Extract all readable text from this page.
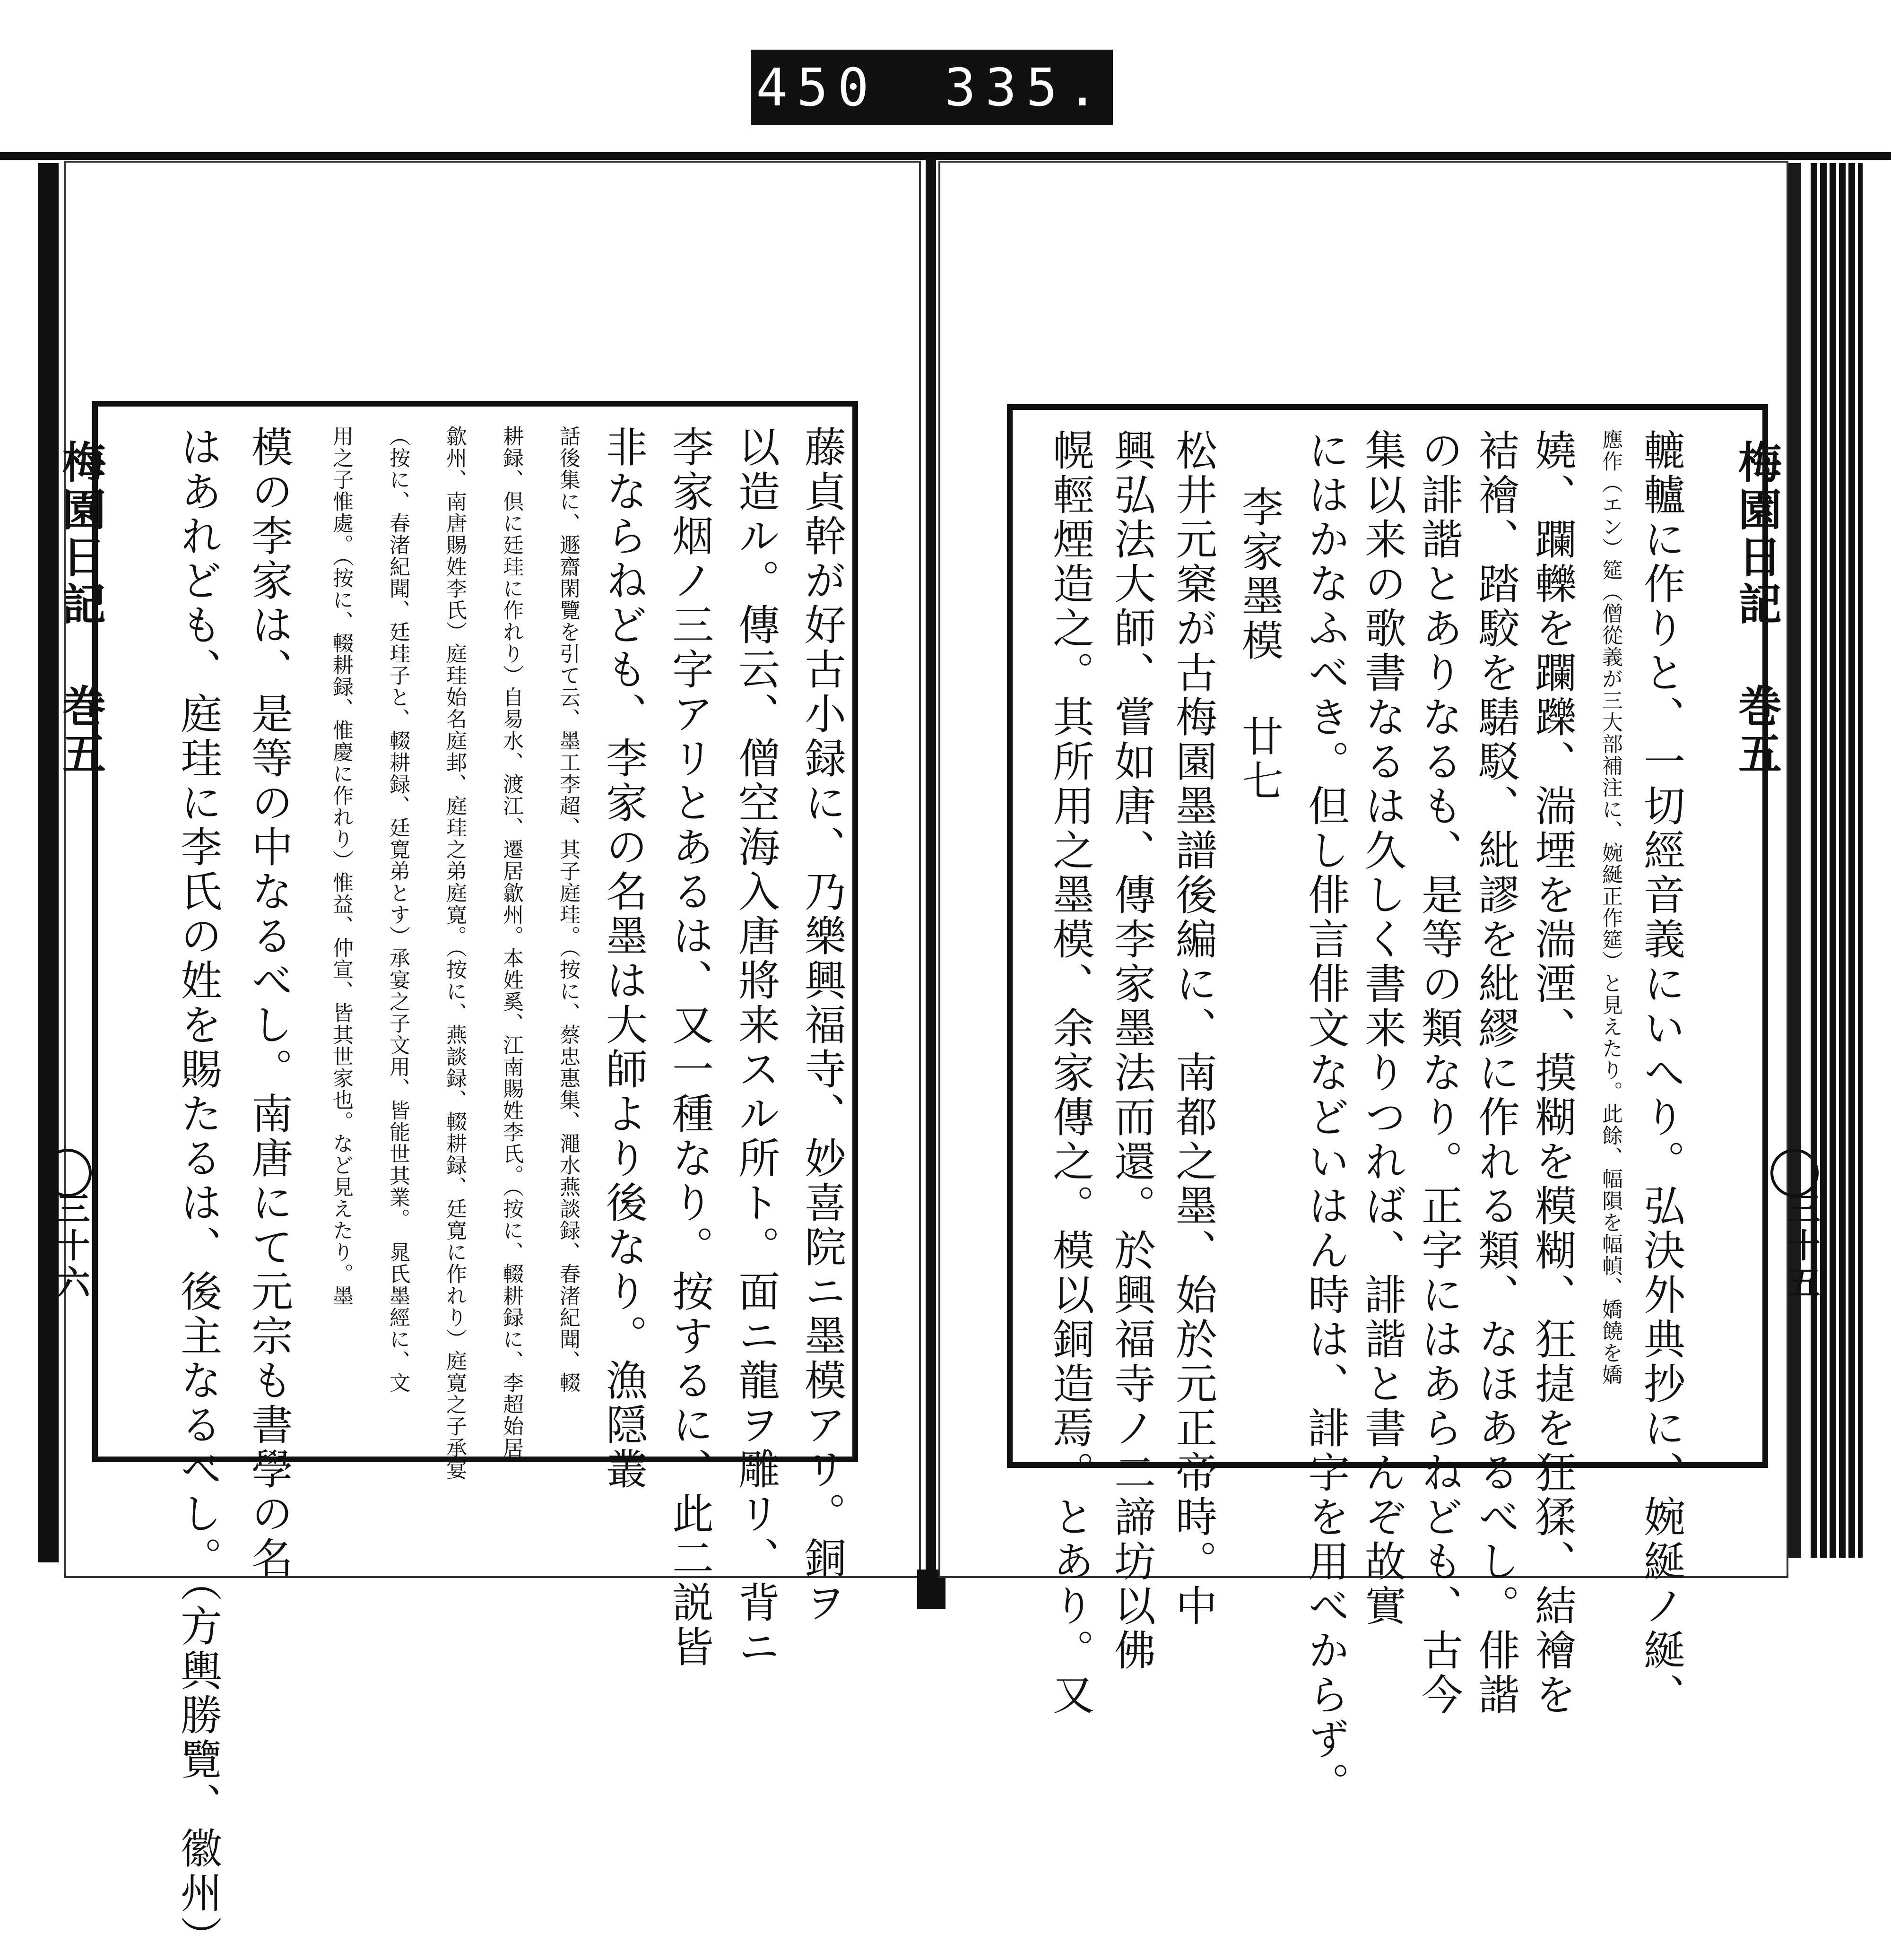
450 335.
梅園日記 巻五
三十六	藤貞幹が好古小録に、乃樂興福寺、妙喜院ニ墨模アリ。銅ヲ
以造ル。傳云、僧空海入唐將来スル所ト。面ニ龍ヲ雕リ、背ニ
李家烟ノ三字アリとあるは、又一種なり。按するに、此二説皆
非ならねども、李家の名墨は大師より後なり。漁隠叢
話後集に、遯齋閑覽を引て云、墨工李超、其子庭珪。（按に、蔡忠惠集、澠水燕談録、春渚紀聞、輟
耕録、倶に廷珪に作れり）自易水、渡江、遷居歙州。本姓奚、江南賜姓李氏。（按に、輟耕録に、李超始居
歙州、南唐賜姓李氏）庭珪始名庭邽、庭珪之弟庭寛。（按に、燕談録、輟耕録、廷寛に作れり）庭寛之子承宴
（按に、春渚紀聞、廷珪子と、輟耕録、廷寛弟とす）承宴之子文用、皆能世其業。　晁氏墨經に、文
用之子惟處。（按に、輟耕録、惟慶に作れり）惟益、仲宣、皆其世家也。など見えたり。墨
模の李家は、是等の中なるべし。南唐にて元宗も書學の名
はあれども、庭珪に李氏の姓を賜たるは、後主なるべし。（方輿勝覽、徽州）	梅園日記 巻五
三十五
轆轤に作りと、一切經音義にいへり。弘決外典抄に、婉綖ノ綖、
應作（エン）筵（僧從義が三大部補注に、婉綖正作筵）と見えたり。此餘、幅隕を幅幀、嬌饒を嬌
嬈、躝轢を躝躒、湍堙を湍湮、摸糊を糢糊、狂㨗を狂猱、結襘を
袺襘、踏駮を騞駁、紕謬を紕繆に作れる類、なほあるべし。俳諧
の誹諧とありなるも、是等の類なり。正字にはあらねども、古今
集以来の歌書なるは久しく書来りつれば、誹諧と書んぞ故實
にはかなふべき。但し俳言俳文などいはん時は、誹字を用べからず。
李家墨模 廿七
松井元㮤が古梅園墨譜後編に、南都之墨、始於元正帝時。中
興弘法大師、嘗如唐、傳李家墨法而還。於興福寺ノ二諦坊以佛
幌輕煙造之。其所用之墨模、余家傳之。模以銅造焉。とあり。又
